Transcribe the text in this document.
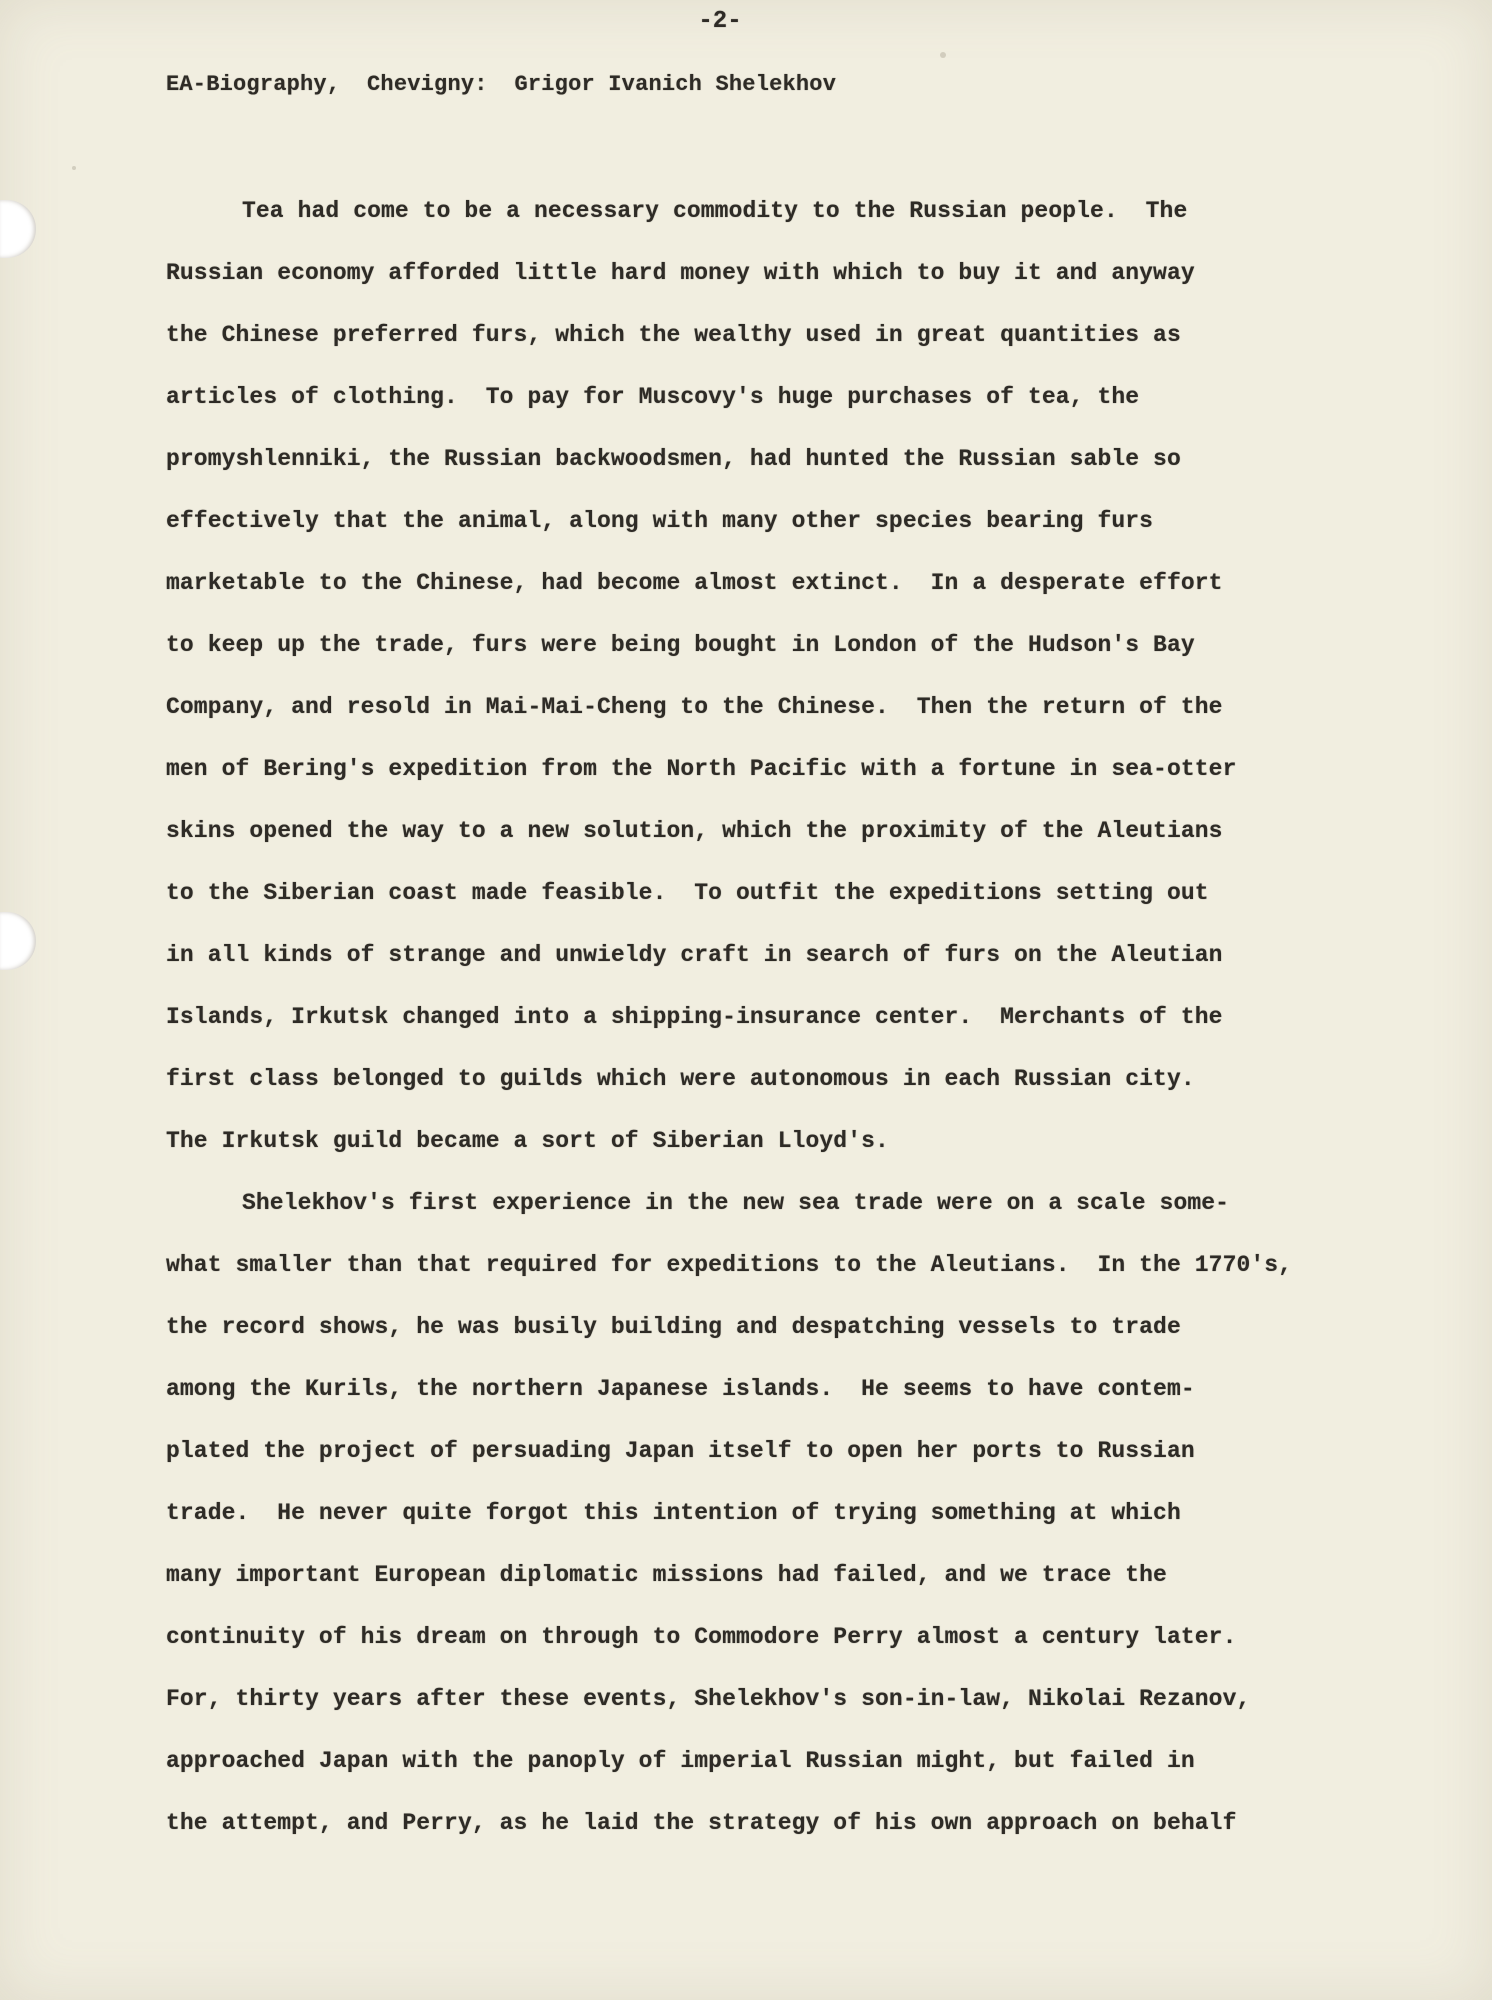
-2-
EA-Biography,  Chevigny:  Grigor Ivanich Shelekhov
Tea had come to be a necessary commodity to the Russian people.  The
Russian economy afforded little hard money with which to buy it and anyway
the Chinese preferred furs, which the wealthy used in great quantities as
articles of clothing.  To pay for Muscovy's huge purchases of tea, the
promyshlenniki, the Russian backwoodsmen, had hunted the Russian sable so
effectively that the animal, along with many other species bearing furs
marketable to the Chinese, had become almost extinct.  In a desperate effort
to keep up the trade, furs were being bought in London of the Hudson's Bay
Company, and resold in Mai-Mai-Cheng to the Chinese.  Then the return of the
men of Bering's expedition from the North Pacific with a fortune in sea-otter
skins opened the way to a new solution, which the proximity of the Aleutians
to the Siberian coast made feasible.  To outfit the expeditions setting out
in all kinds of strange and unwieldy craft in search of furs on the Aleutian
Islands, Irkutsk changed into a shipping-insurance center.  Merchants of the
first class belonged to guilds which were autonomous in each Russian city.
The Irkutsk guild became a sort of Siberian Lloyd's.
Shelekhov's first experience in the new sea trade were on a scale some-
what smaller than that required for expeditions to the Aleutians.  In the 1770's,
the record shows, he was busily building and despatching vessels to trade
among the Kurils, the northern Japanese islands.  He seems to have contem-
plated the project of persuading Japan itself to open her ports to Russian
trade.  He never quite forgot this intention of trying something at which
many important European diplomatic missions had failed, and we trace the
continuity of his dream on through to Commodore Perry almost a century later.
For, thirty years after these events, Shelekhov's son-in-law, Nikolai Rezanov,
approached Japan with the panoply of imperial Russian might, but failed in
the attempt, and Perry, as he laid the strategy of his own approach on behalf
